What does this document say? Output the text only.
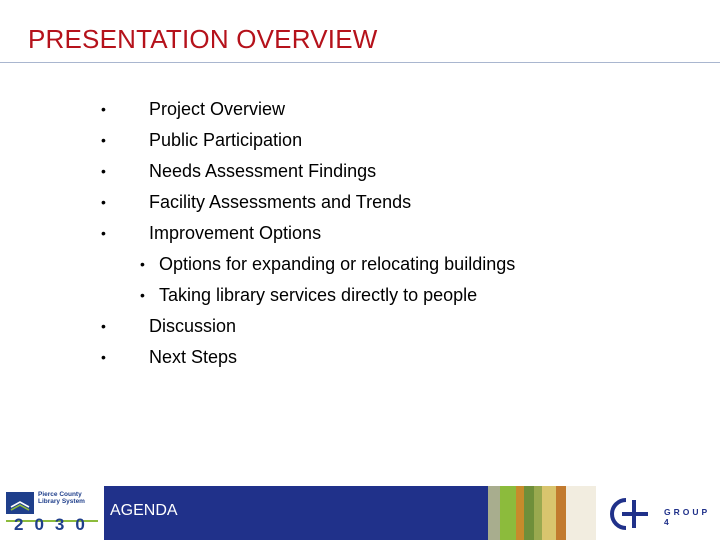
PRESENTATION OVERVIEW
• Project Overview
• Public Participation
• Needs Assessment Findings
• Facility Assessments and Trends
• Improvement Options
• Options for expanding or relocating buildings
• Taking library services directly to people
• Discussion
• Next Steps
Pierce County
Library System
2030
AGENDA	GROUP 4
